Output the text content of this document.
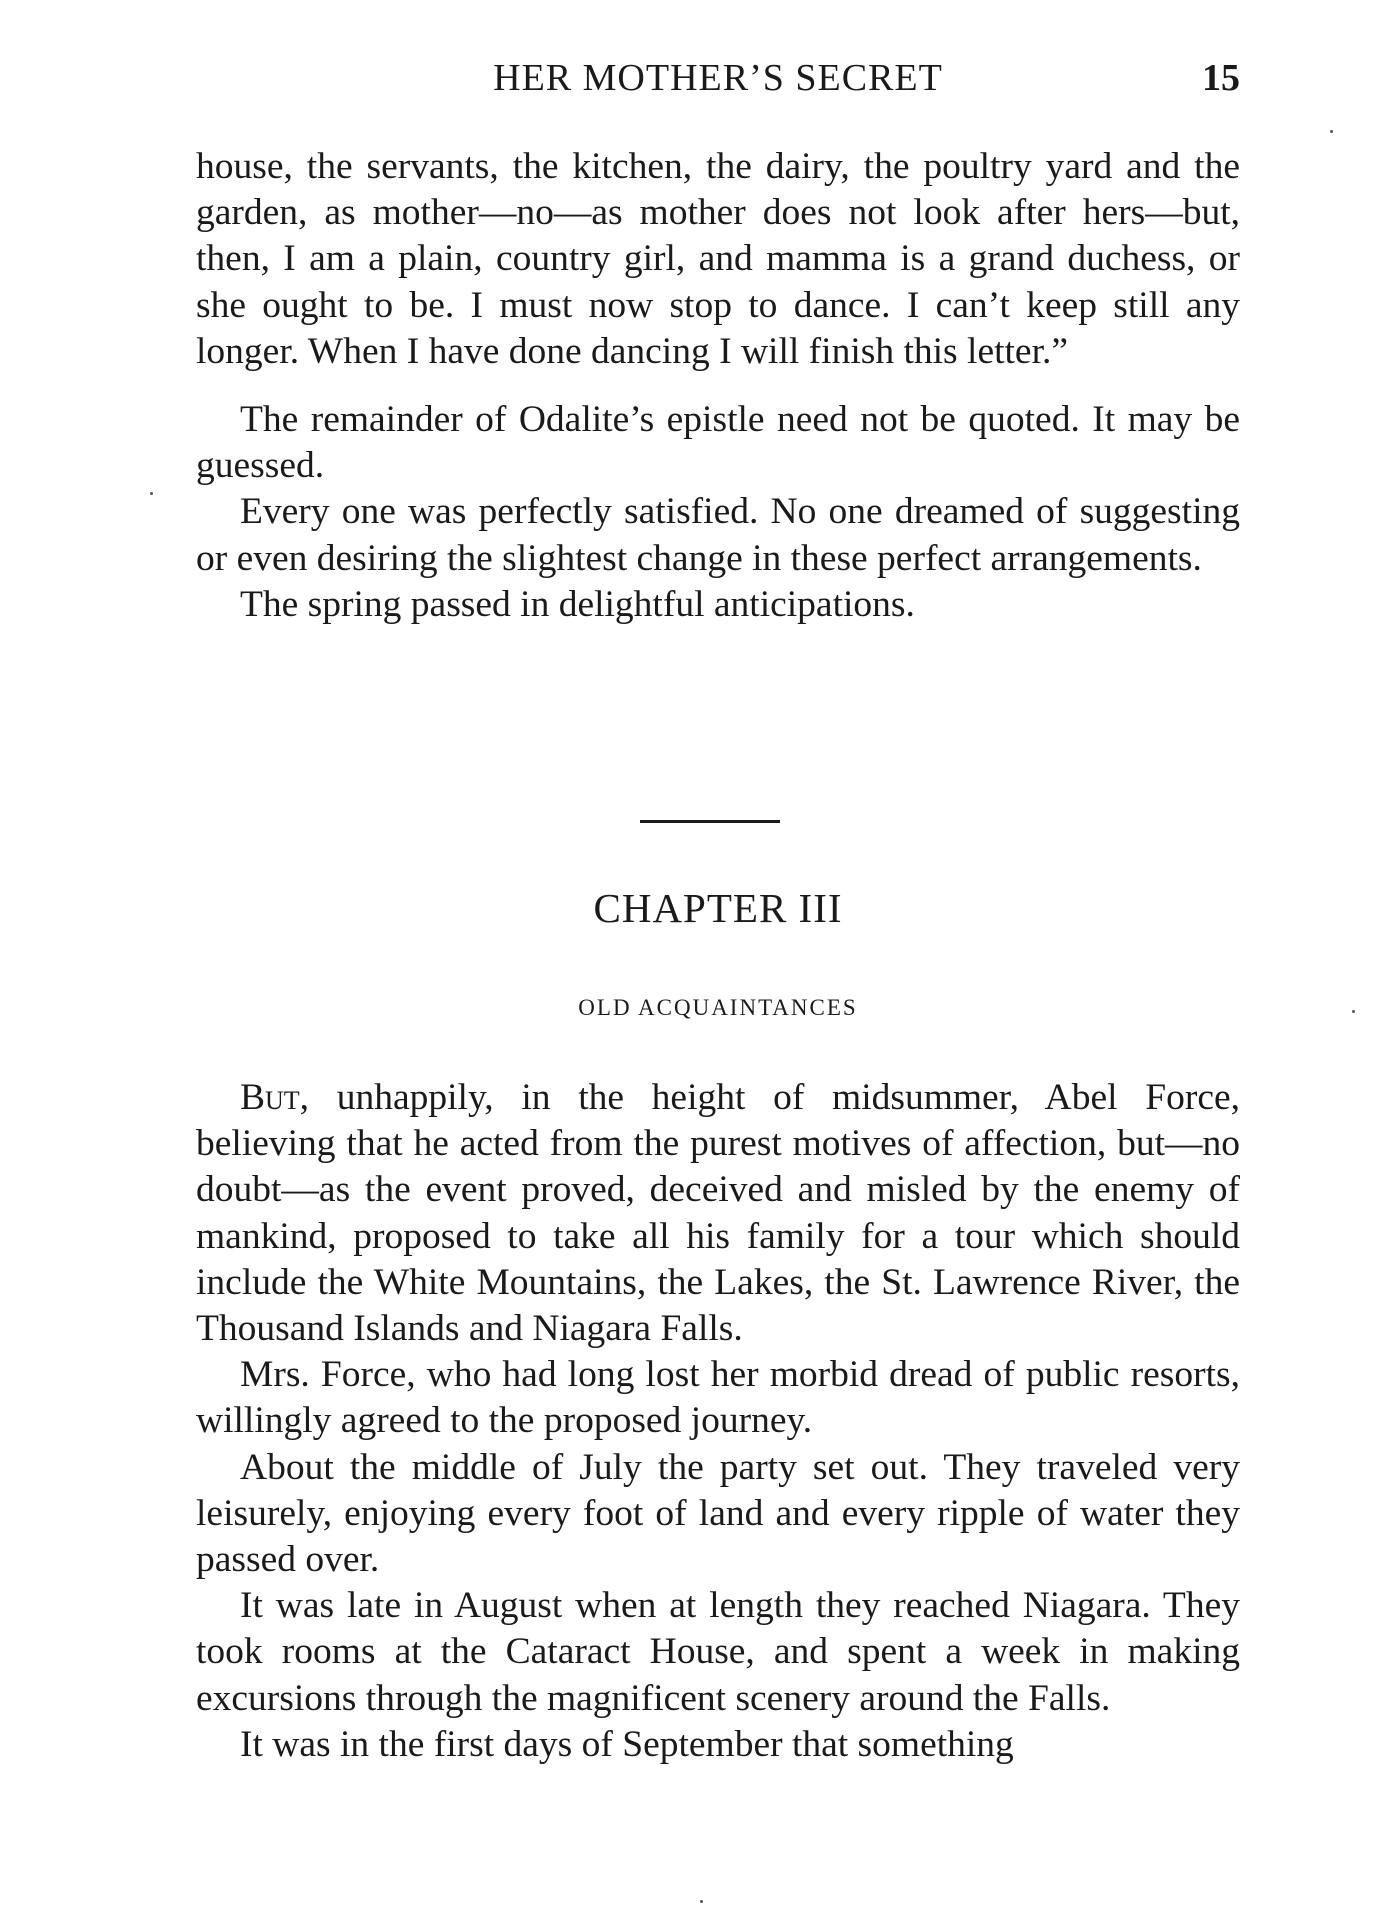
HER MOTHER’S SECRET	15

house, the servants, the kitchen, the dairy, the poultry yard and the garden, as mother—no—as mother does not look after hers—but, then, I am a plain, country girl, and mamma is a grand duchess, or she ought to be. I must now stop to dance. I can’t keep still any longer. When I have done dancing I will finish this letter.”

The remainder of Odalite’s epistle need not be quoted. It may be guessed.

Every one was perfectly satisfied. No one dreamed of suggesting or even desiring the slightest change in these perfect arrangements.

The spring passed in delightful anticipations.

CHAPTER III
OLD ACQUAINTANCES

But, unhappily, in the height of midsummer, Abel Force, believing that he acted from the purest motives of affection, but—no doubt—as the event proved, deceived and misled by the enemy of mankind, proposed to take all his family for a tour which should include the White Mountains, the Lakes, the St. Lawrence River, the Thousand Islands and Niagara Falls.

Mrs. Force, who had long lost her morbid dread of public resorts, willingly agreed to the proposed journey.

About the middle of July the party set out. They traveled very leisurely, enjoying every foot of land and every ripple of water they passed over.

It was late in August when at length they reached Niagara. They took rooms at the Cataract House, and spent a week in making excursions through the magnificent scenery around the Falls.

It was in the first days of September that something
